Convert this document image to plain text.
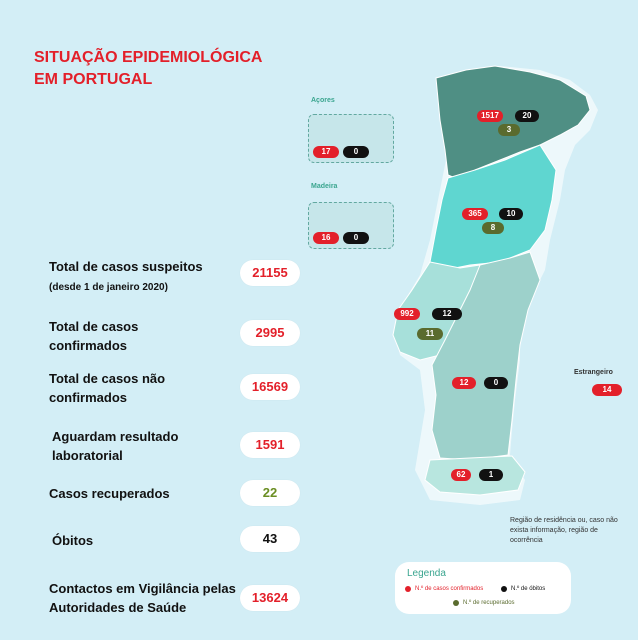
SITUAÇÃO EPIDEMIOLÓGICA
EM PORTUGAL
Total de casos suspeitos (desde 1 de janeiro 2020)
21155
Total de casos confirmados
2995
Total de casos não confirmados
16569
Aguardam resultado laboratorial
1591
Casos recuperados	22
Óbitos	43
Contactos em Vigilância pelas Autoridades de Saúde
13624
Açores
Madeira
1517	20
3
365	10
8
992	12
11
12	0
62	1
17	0
16	0
Estrangeiro
14
Região de residência ou, caso não exista informação, região de ocorrência
Legenda
N.º de casos confirmados	N.º de óbitos
N.º de recuperados
